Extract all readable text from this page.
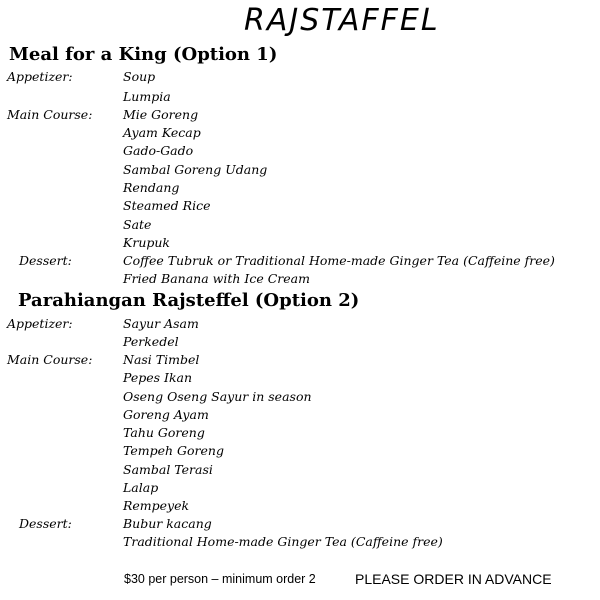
RAJSTAFFEL
Meal for a King (Option 1)
Appetizer:	Soup
Lumpia
Main Course: Mie Goreng
Ayam Kecap
Gado-Gado
Sambal Goreng Udang
Rendang
Steamed Rice
Sate
Krupuk
Dessert:	Coffee Tubruk or Traditional Home-made Ginger Tea (Caffeine free)
Fried Banana with Ice Cream
Parahiangan Rajsteffel (Option 2)
Appetizer:	Sayur Asam
Perkedel
Main Course: Nasi Timbel
Pepes Ikan
Oseng Oseng Sayur in season
Goreng Ayam
Tahu Goreng
Tempeh Goreng
Sambal Terasi
Lalap
Rempeyek
Dessert:	Bubur kacang
Traditional Home-made Ginger Tea (Caffeine free)
$30 per person – minimum order 2	PLEASE ORDER IN ADVANCE
